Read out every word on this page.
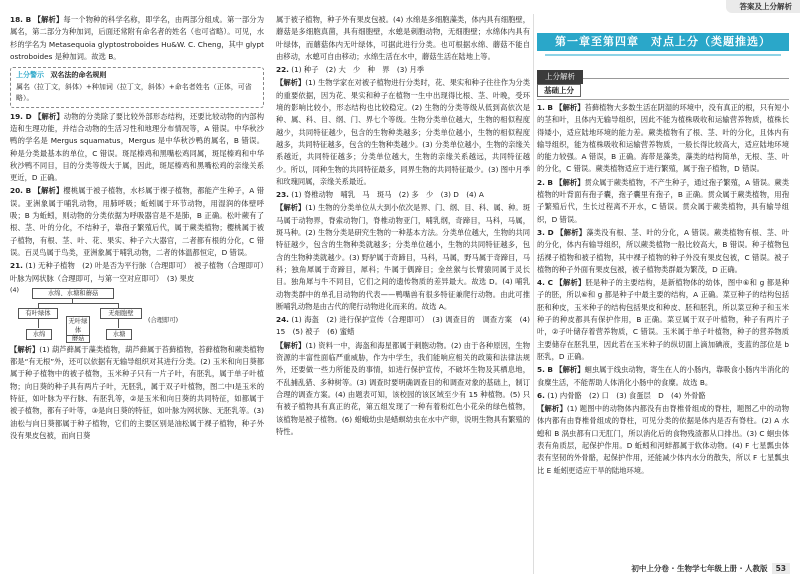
答案及上分解析

18. B 【解析】每一个物种的科学名称，即学名，由两部分组成。第一部分为属名，第二部分为种加词，后面还常附有命名者的姓名（也可省略）。可见，水杉的学名为 Metasequoia glyptostroboides Hu&W. C. Cheng，其中 glyptostroboides 是种加词。故选 B。

上分警示 双名法的命名规则
属名（拉丁文，斜体）+种加词（拉丁文，斜体）+命名者姓名（正体，可省略）。

19. D 【解析】动物的分类除了要比较外部形态结构，还要比较动物的内部构造和生理功能，并结合动物的生活习性和地理分布情况等，A 错误。中华秋沙鸭的学名是 Mergus squamatus，Mergus 是中华秋沙鸭的属名，B 错误。种是分类最基本的单位，C 错误。斑尾榛鸡和黑嘴松鸡同属，斑尾榛鸡和中华秋沙鸭不同目，目的分类等级大于属，因此，斑尾榛鸡和黑嘴松鸡的亲缘关系更近，D 正确。

20. B 【解析】樱桃属于被子植物，水杉属于裸子植物，都能产生种子，A 错误。亚洲象属于哺乳动物，用肺呼吸；蚯蚓属于环节动物，用湿润的体壁呼吸；B 为蚯蚓，则动物的分类依据为呼吸器官是不是肺，B 正确。松叶蕨有了根、茎、叶的分化，不结种子，靠孢子繁殖后代，属于蕨类植物；樱桃属于被子植物，有根、茎、叶、花、果实、种子六大器官，二者都有根的分化，C 错误。百灵鸟属于鸟类，亚洲象属于哺乳动物，二者的体温都恒定，D 错误。

21. (1) 无种子植物　(2) 叶是否为平行脉（合理即可）　被子植物（合理即可）　叶脉为网状脉（合理即可，与第一空对应即可）　(3) 果皮

(4)	水绵、水塘和蘑菇
有叶绿体	无细胞壁
无叶绿体
水绵
蘑菇
水塘
(合理即可)

【解析】(1) 葫芦藓属于藻类植物，葫芦藓属于苔藓植物，苔藓植物和蕨类植物都是“有无根”外，还可以依据有无输导组织对其进行分类。(2) 玉米和向日葵都属于种子植物中的被子植物，玉米种子只有一片子叶，有胚乳，属于单子叶植物；向日葵的种子具有两片子叶，无胚乳，属于双子叶植物，图二中Ⅰ是玉米的特征，如叶脉为平行脉、有胚乳等，②是玉米和向日葵的共同特征，如都属于被子植物，都有子叶等，③是向日葵的特征，如叶脉为网状脉、无胚乳等。(3) 油松与向日葵都属于种子植物，它们的主要区别是油松属于裸子植物，种子外没有果皮包被，而向日葵

属于被子植物，种子外有果皮包被。(4) 水绵是多细胞藻类，体内具有细胞壁，蘑菇是多细胞真菌，具有细胞壁，水螅是刺胞动物，无细胞壁；水绵体内具有叶绿体，而蘑菇体内无叶绿体，可据此进行分类。也可根据水绵、蘑菇不能自由移动，水螅可自由移动；水绵生活在水中，蘑菇生活在陆地上等。

22. (1) 种子　(2) 大　少　种　界　(3) 月季

【解析】(1) 生物学家在对被子植物进行分类时，花、果实和种子往往作为分类的重要依据，因为花、果实和种子在植物一生中出现得比根、茎、叶晚，受环境的影响比较小，形态结构也比较稳定。(2) 生物的分类等级从低到高依次是种、属、科、目、纲、门、界七个等级。生物分类单位越大，生物的相似程度越少，共同特征越少，包含的生物种类越多；分类单位越小，生物的相似程度越多，共同特征越多，包含的生物种类越少。(3) 分类单位越小，生物的亲缘关系越近，共同特征越多；分类单位越大，生物的亲缘关系越远，共同特征越少。所以，同种生物的共同特征最多，同界生物的共同特征最少。(3) 图中月季和玫瑰同属，亲缘关系最近。

23. (1) 脊椎动物　哺乳　马　斑马　(2) 多　少　(3) D　(4) A

【解析】(1) 生物的分类单位从大到小依次是界、门、纲、目、科、属、种。斑马属于动物界，脊索动物门，脊椎动物亚门，哺乳纲，奇蹄目，马科，马属，斑马种。(2) 生物分类是研究生物的一种基本方法。分类单位越大，生物的共同特征越少，包含的生物种类就越多；分类单位越小，生物的共同特征越多，包含的生物种类就越少。(3) 野驴属于奇蹄目，马科，马属，野马属于奇蹄目，马科；独角犀属于奇蹄目，犀科；牛属于偶蹄目；金丝猴与长臂猿同属于灵长目。独角犀与牛不同目，它们之间的遗传物质的差异最大。故选 D。(4) 哺乳动物类群中的单孔目动物的代表——鸭嘴兽有很多特征兼爬行动物。由此可推断哺乳动物是由古代的爬行动物进化而来的。故选 A。

24. (1) 海盔　(2) 进行保护宣传（合理即可）　(3) 调查目的　调查方案　(4) 15　(5) 被子　(6) 蜜蜡

【解析】(1) 资料一中，海盔和海星都属于刺胞动物。(2) 由于各种原因，生物资源的丰富性面临严重威胁，作为中学生，我们能响应相关的政策和法律法规外，还要做一些力所能及的事情，如进行保护宣传，不破坏生物及其栖息地，不乱捕乱猎、多种树等。(3) 调查时要明确调查目的和调查对象的基础上，制订合理的调查方案。(4) 由题表可知，该校园的该区域至少有 15 种植物。(5) 只有被子植物具有真正的花，第五组发现了一种有着粉红色小花朵的绿色植物，该植物是被子植物。(6) 蜡蛾幼虫是蜡螟幼虫在水中产卵，说明生物具有繁殖的特性。

第一章至第四章　对点上分（类题推选）
上分解析
基础上分

1. B 【解析】苔藓植物大多数生活在阴湿的环境中，没有真正的根，只有短小的茎和叶，且体内无输导组织，因此不能为植株吸收和运输营养物质，植株长得矮小，适应陆地环境的能力差。蕨类植物有了根、茎、叶的分化，且体内有输导组织，能为植株吸收和运输营养物质，一般长得比较高大，适应陆地环境的能力较强。A 错误，B 正确。海带是藻类，藻类的结构简单，无根、茎、叶的分化，C 错误。蕨类植物适应于进行繁殖，属于孢子植物，D 错误。

2. B 【解析】贯众属于蕨类植物，不产生种子，通过孢子繁殖，A 错误。蕨类植物的叶背面有孢子囊，孢子囊里有孢子，B 正确。贯众属于蕨类植物，用孢子繁殖后代，生长过程离不开水，C 错误。贯众属于蕨类植物，具有输导组织，D 错误。

3. D 【解析】藻类没有根、茎、叶的分化，A 错误。蕨类植物有根、茎、叶的分化，体内有输导组织，所以蕨类植物一般比较高大，B 错误。种子植物包括裸子植物和被子植物，其中裸子植物的种子外没有果皮包被，C 错误。被子植物的种子外面有果皮包被，被子植物类群最为繁茂，D 正确。

4. C 【解析】胚是种子的主要结构，是新植物体的幼体，图中⑥和 g 都是种子的胚，所以⑥和 g 都是种子中最主要的结构，A 正确。菜豆种子的结构包括胚和种皮，玉米种子的结构包括果皮和种皮、胚和胚乳，所以菜豆种子和玉米种子的种皮都具有保护作用，B 正确。菜豆属于双子叶植物，种子有两片子叶，②子叶储存着营养物质，C 错误。玉米属于单子叶植物，种子的营养物质主要储存在胚乳里，因此若在玉米种子的纵切面上滴加碘液，变蓝的部位是 b 胚乳，D 正确。

5. B 【解析】蛔虫属于线虫动物，寄生在人的小肠内，靠吸食小肠内半消化的食糜生活，不能帮助人体消化小肠中的食糜。故选 B。

6. (1) 内骨骼　(2) 口　(3) 食蛋层　D　(4) 外骨骼

【解析】(1) 题图中的动物体内都没有由脊椎骨组成的脊柱，题图乙中的动物体内都有由脊椎骨组成的脊柱，可见分类的依据是体内是否有脊柱。(2) A 水螅和 B 涡虫都有口无肛门，所以消化后的食物残渣都从口排出。(3) C 蛔虫体表有角质层，起保护作用。D 蚯蚓和河蚌都属于软体动物。(4) F 七星瓢虫体表有坚韧的外骨骼，起保护作用，还能减少体内水分的散失，所以 F 七星瓢虫比 E 蚯蚓更适应干旱的陆地环境。

初中上分卷 · 生物学七年级上册 · 人教版 53
